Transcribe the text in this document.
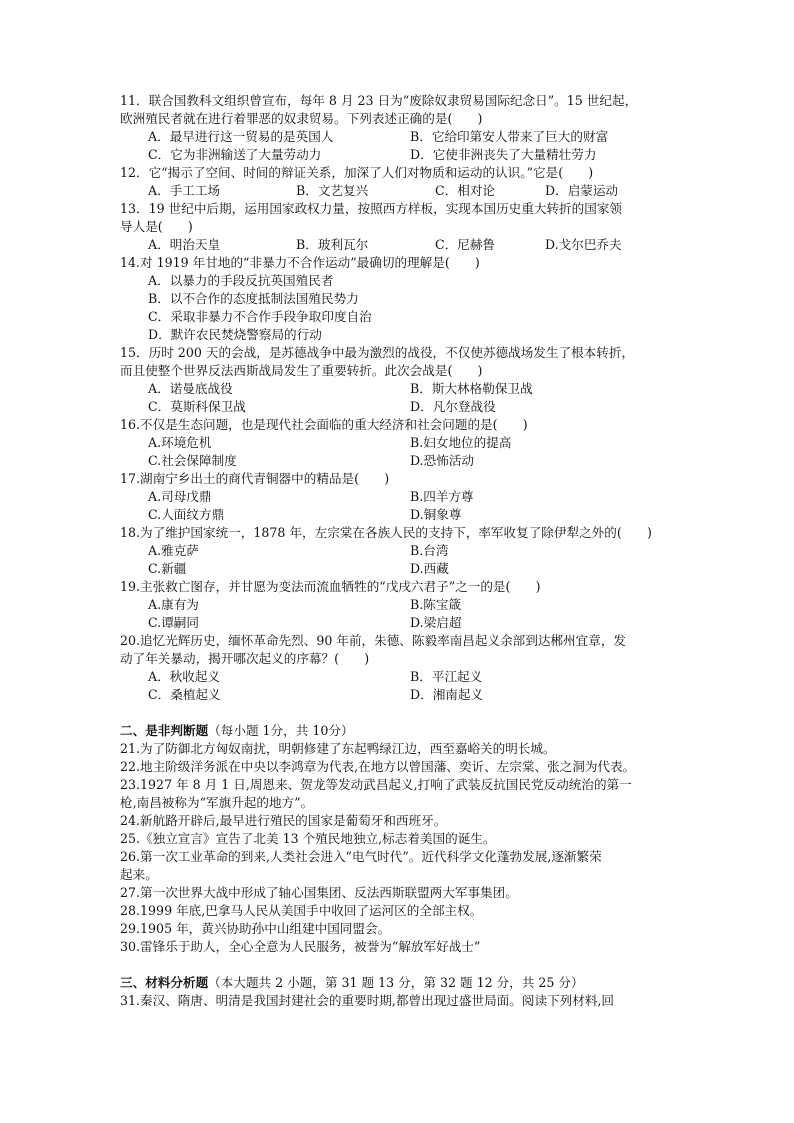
11．联合国教科文组织曾宣布，每年 8 月 23 日为“废除奴隶贸易国际纪念日”。15 世纪起，
欧洲殖民者就在进行着罪恶的奴隶贸易。下列表述正确的是(　　)
A．最早进行这一贸易的是英国人	B．它给印第安人带来了巨大的财富
C．它为非洲输送了大量劳动力	D．它使非洲丧失了大量精壮劳力
12．它“揭示了空间、时间的辩证关系，加深了人们对物质和运动的认识。”它是(　　)
A．手工工场	B．文艺复兴	C．相对论	D．启蒙运动
13．19 世纪中后期，运用国家政权力量，按照西方样板，实现本国历史重大转折的国家领
导人是(　　)
A．明治天皇	B．玻利瓦尔	C．尼赫鲁	D.戈尔巴乔夫
14.对 1919 年甘地的“非暴力不合作运动”最确切的理解是(　　)
A．以暴力的手段反抗英国殖民者
B．以不合作的态度抵制法国殖民势力
C．采取非暴力不合作手段争取印度自治
D．默许农民焚烧警察局的行动
15．历时 200 天的会战，是苏德战争中最为激烈的战役，不仅使苏德战场发生了根本转折，
而且使整个世界反法西斯战局发生了重要转折。此次会战是(　　)
A．诺曼底战役	B．斯大林格勒保卫战
C．莫斯科保卫战	D．凡尔登战役
16.不仅是生态问题，也是现代社会面临的重大经济和社会问题的是(　　)
A.环境危机	B.妇女地位的提高
C.社会保障制度	D.恐怖活动
17.湖南宁乡出土的商代青铜器中的精品是(　　)
A.司母戊鼎	B.四羊方尊
C.人面纹方鼎	D.铜象尊
18.为了维护国家统一，1878 年，左宗棠在各族人民的支持下，率军收复了除伊犁之外的(　　)
A.雅克萨	B.台湾
C.新疆	D.西藏
19.主张救亡图存，并甘愿为变法而流血牺牲的“戊戌六君子”之一的是(　　)
A.康有为	B.陈宝箴
C.谭嗣同	D.梁启超
20.追忆光辉历史，缅怀革命先烈、90 年前，朱德、陈毅率南昌起义余部到达郴州宜章，发
动了年关暴动，揭开哪次起义的序幕？(　　)
A．秋收起义	B．平江起义
C．桑植起义	D．湘南起义
二、是非判断题（每小题 1分，共 10分）
21.为了防御北方匈奴南扰，明朝修建了东起鸭绿江边，西至嘉峪关的明长城。
22.地主阶级洋务派在中央以李鸿章为代表,在地方以曾国藩、奕䜣、左宗棠、张之洞为代表。
23.1927 年 8 月 1 日,周恩来、贺龙等发动武昌起义,打响了武装反抗国民党反动统治的第一
枪,南昌被称为“军旗升起的地方”。
24.新航路开辟后,最早进行殖民的国家是葡萄牙和西班牙。
25.《独立宣言》宣告了北美 13 个殖民地独立,标志着美国的诞生。
26.第一次工业革命的到来,人类社会进入“电气时代”。近代科学文化蓬勃发展,逐渐繁荣
起来。
27.第一次世界大战中形成了轴心国集团、反法西斯联盟两大军事集团。
28.1999 年底,巴拿马人民从美国手中收回了运河区的全部主权。
29.1905 年，黄兴协助孙中山组建中国同盟会。
30.雷锋乐于助人，全心全意为人民服务，被誉为“解放军好战士”
三、材料分析题（本大题共 2 小题，第 31 题 13 分，第 32 题 12 分，共 25 分）
31.秦汉、隋唐、明清是我国封建社会的重要时期,都曾出现过盛世局面。阅读下列材料,回
